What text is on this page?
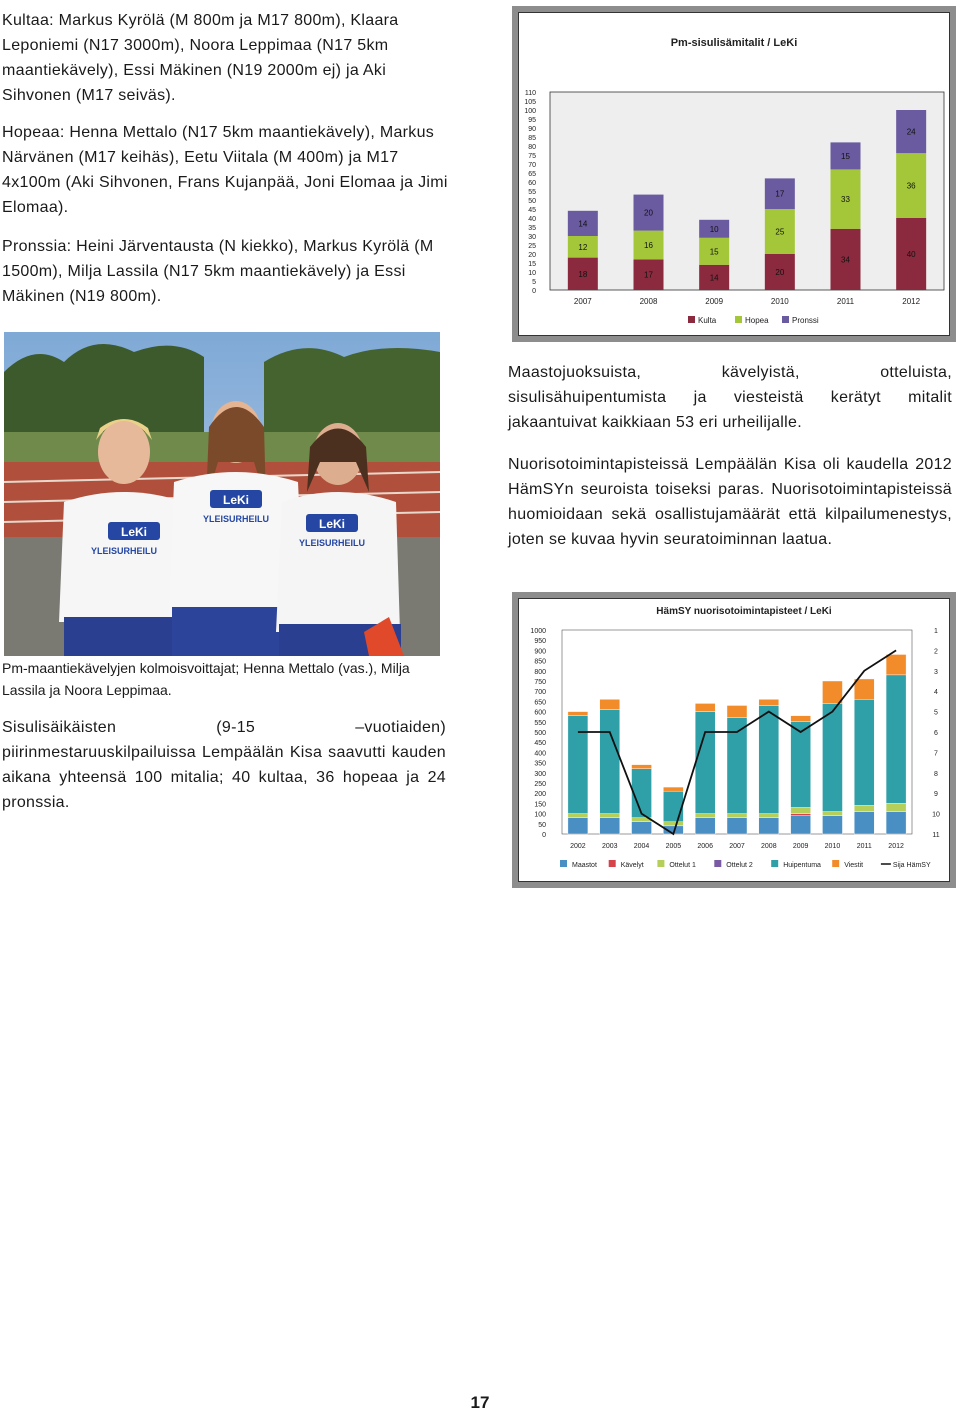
Kultaa: Markus Kyrölä (M 800m ja M17 800m), Klaara Leponiemi (N17 3000m), Noora Leppimaa (N17 5km maantiekävely), Essi Mäkinen (N19 2000m ej) ja Aki Sihvonen (M17 seiväs).

Hopeaa: Henna Mettalo (N17 5km maantiekävely), Markus Närvänen (M17 keihäs), Eetu Viitala (M 400m) ja M17 4x100m (Aki Sihvonen, Frans Kujanpää, Joni Elomaa ja Jimi Elomaa).

Pronssia: Heini Järventausta (N kiekko), Markus Kyrölä (M 1500m), Milja Lassila (N17 5km maantiekävely) ja Essi Mäkinen (N19 800m).

Pm-sisulisämitalit / LeKi
0
5
10
15
20
25
30
35
40
45
50
55
60
65
70
75
80
85
90
95
100
105
110
18
12
14
2007
17
16
20
2008
14
15
10
2009
20
25
17
2010
34
33
15
2011
40
36
24
2012
Kulta	Hopea	Pronssi
LeKi
YLEISURHEILU
LeKi
YLEISURHEILU	LeKi
YLEISURHEILU
Pm-maantiekävelyjen kolmoisvoittajat; Henna Mettalo (vas.), Milja Lassila ja Noora Leppimaa.

Maastojuoksuista, kävelyistä, otteluista, sisulisähuipentumista ja viesteistä kerätyt mitalit jakaantuivat kaikkiaan 53 eri urheilijalle.

Nuorisotoimintapisteissä Lempäälän Kisa oli kaudella 2012 HämSYn seuroista toiseksi paras. Nuorisotoimintapisteissä huomioidaan sekä osallistujamäärät että kilpailumenestys, joten se kuvaa hyvin seuratoiminnan laatua.

Sisulisäikäisten (9-15 –vuotiaiden) piirinmestaruuskilpailuissa Lempäälän Kisa saavutti kauden aikana yhteensä 100 mitalia; 40 kultaa, 36 hopeaa ja 24 pronssia.

HämSY nuorisotoimintapisteet / LeKi
0
50
100
150
200
250
300
350
400
450
500
550
600
650
700
750
800
850
900
950
1000	1
2
3
4
5
6
7
8
9
10
11
2002 2003 2004 2005 2006 2007 2008 2009 2010 2011 2012
Maastot	Kävelyt	Ottelut 1	Ottelut 2	Huipentuma	Viestit	Sija HämSY
17
